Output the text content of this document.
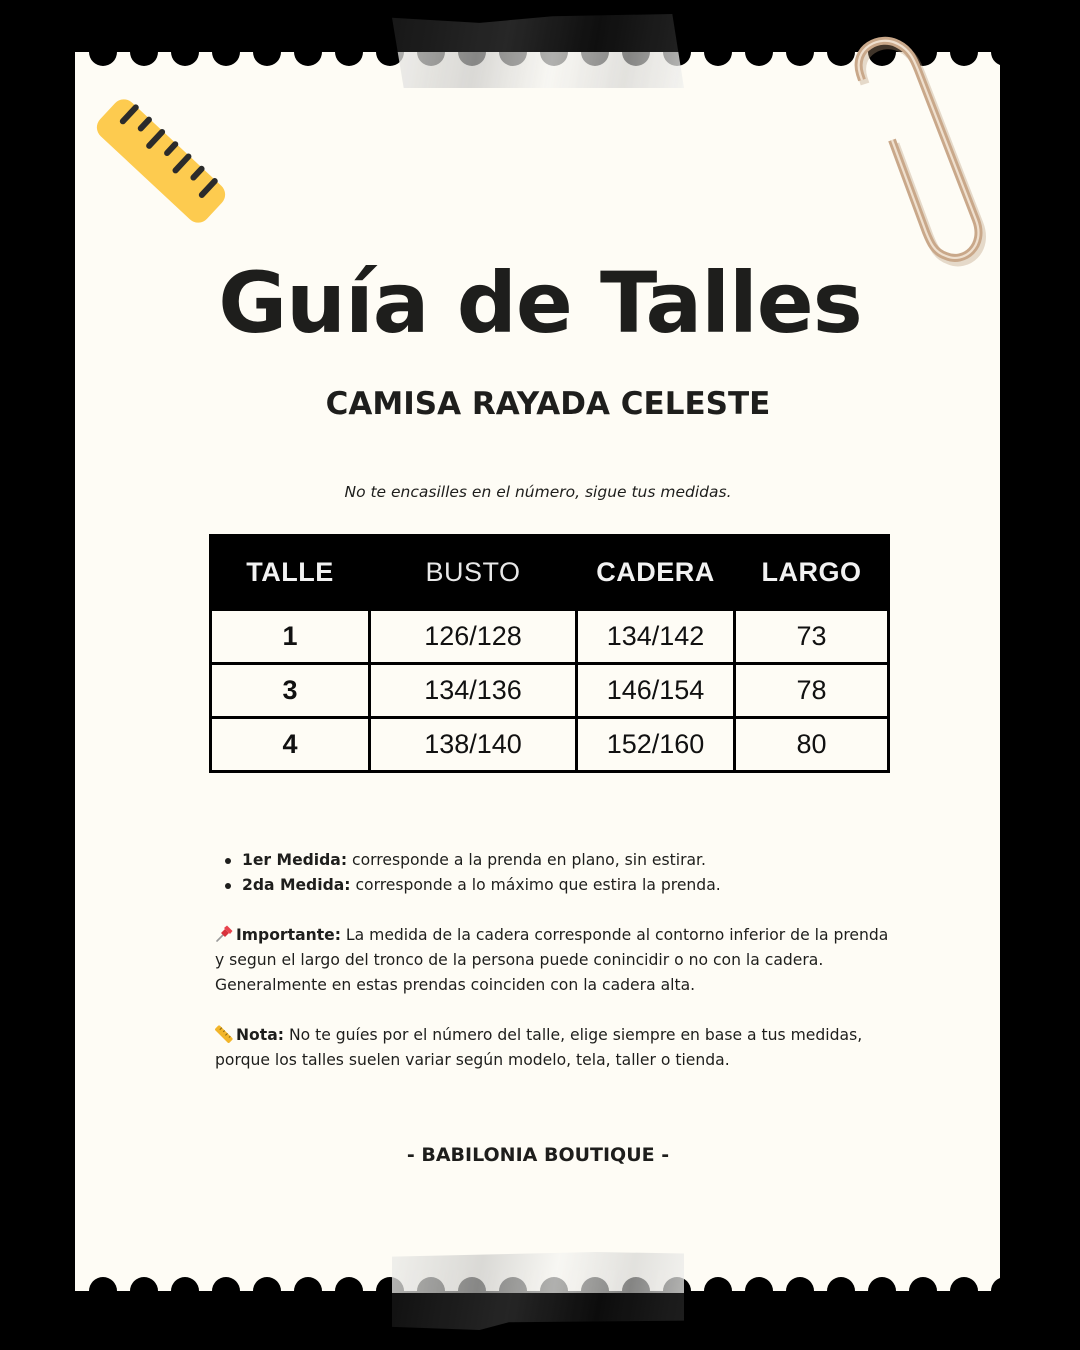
Guía de Talles
CAMISA RAYADA CELESTE
No te encasilles en el número, sigue tus medidas.
TALLE	BUSTO	CADERA	LARGO
1	126/128	134/142	73
3	134/136	146/154	78
4	138/140	152/160	80
1er Medida: corresponde a la prenda en plano, sin estirar.
2da Medida: corresponde a lo máximo que estira la prenda.

Importante: La medida de la cadera corresponde al contorno inferior de la prenda y segun el largo del tronco de la persona puede conincidir o no con la cadera. Generalmente en estas prendas coinciden con la cadera alta.

Nota: No te guíes por el número del talle, elige siempre en base a tus medidas, porque los talles suelen variar según modelo, tela, taller o tienda.

- BABILONIA BOUTIQUE -
